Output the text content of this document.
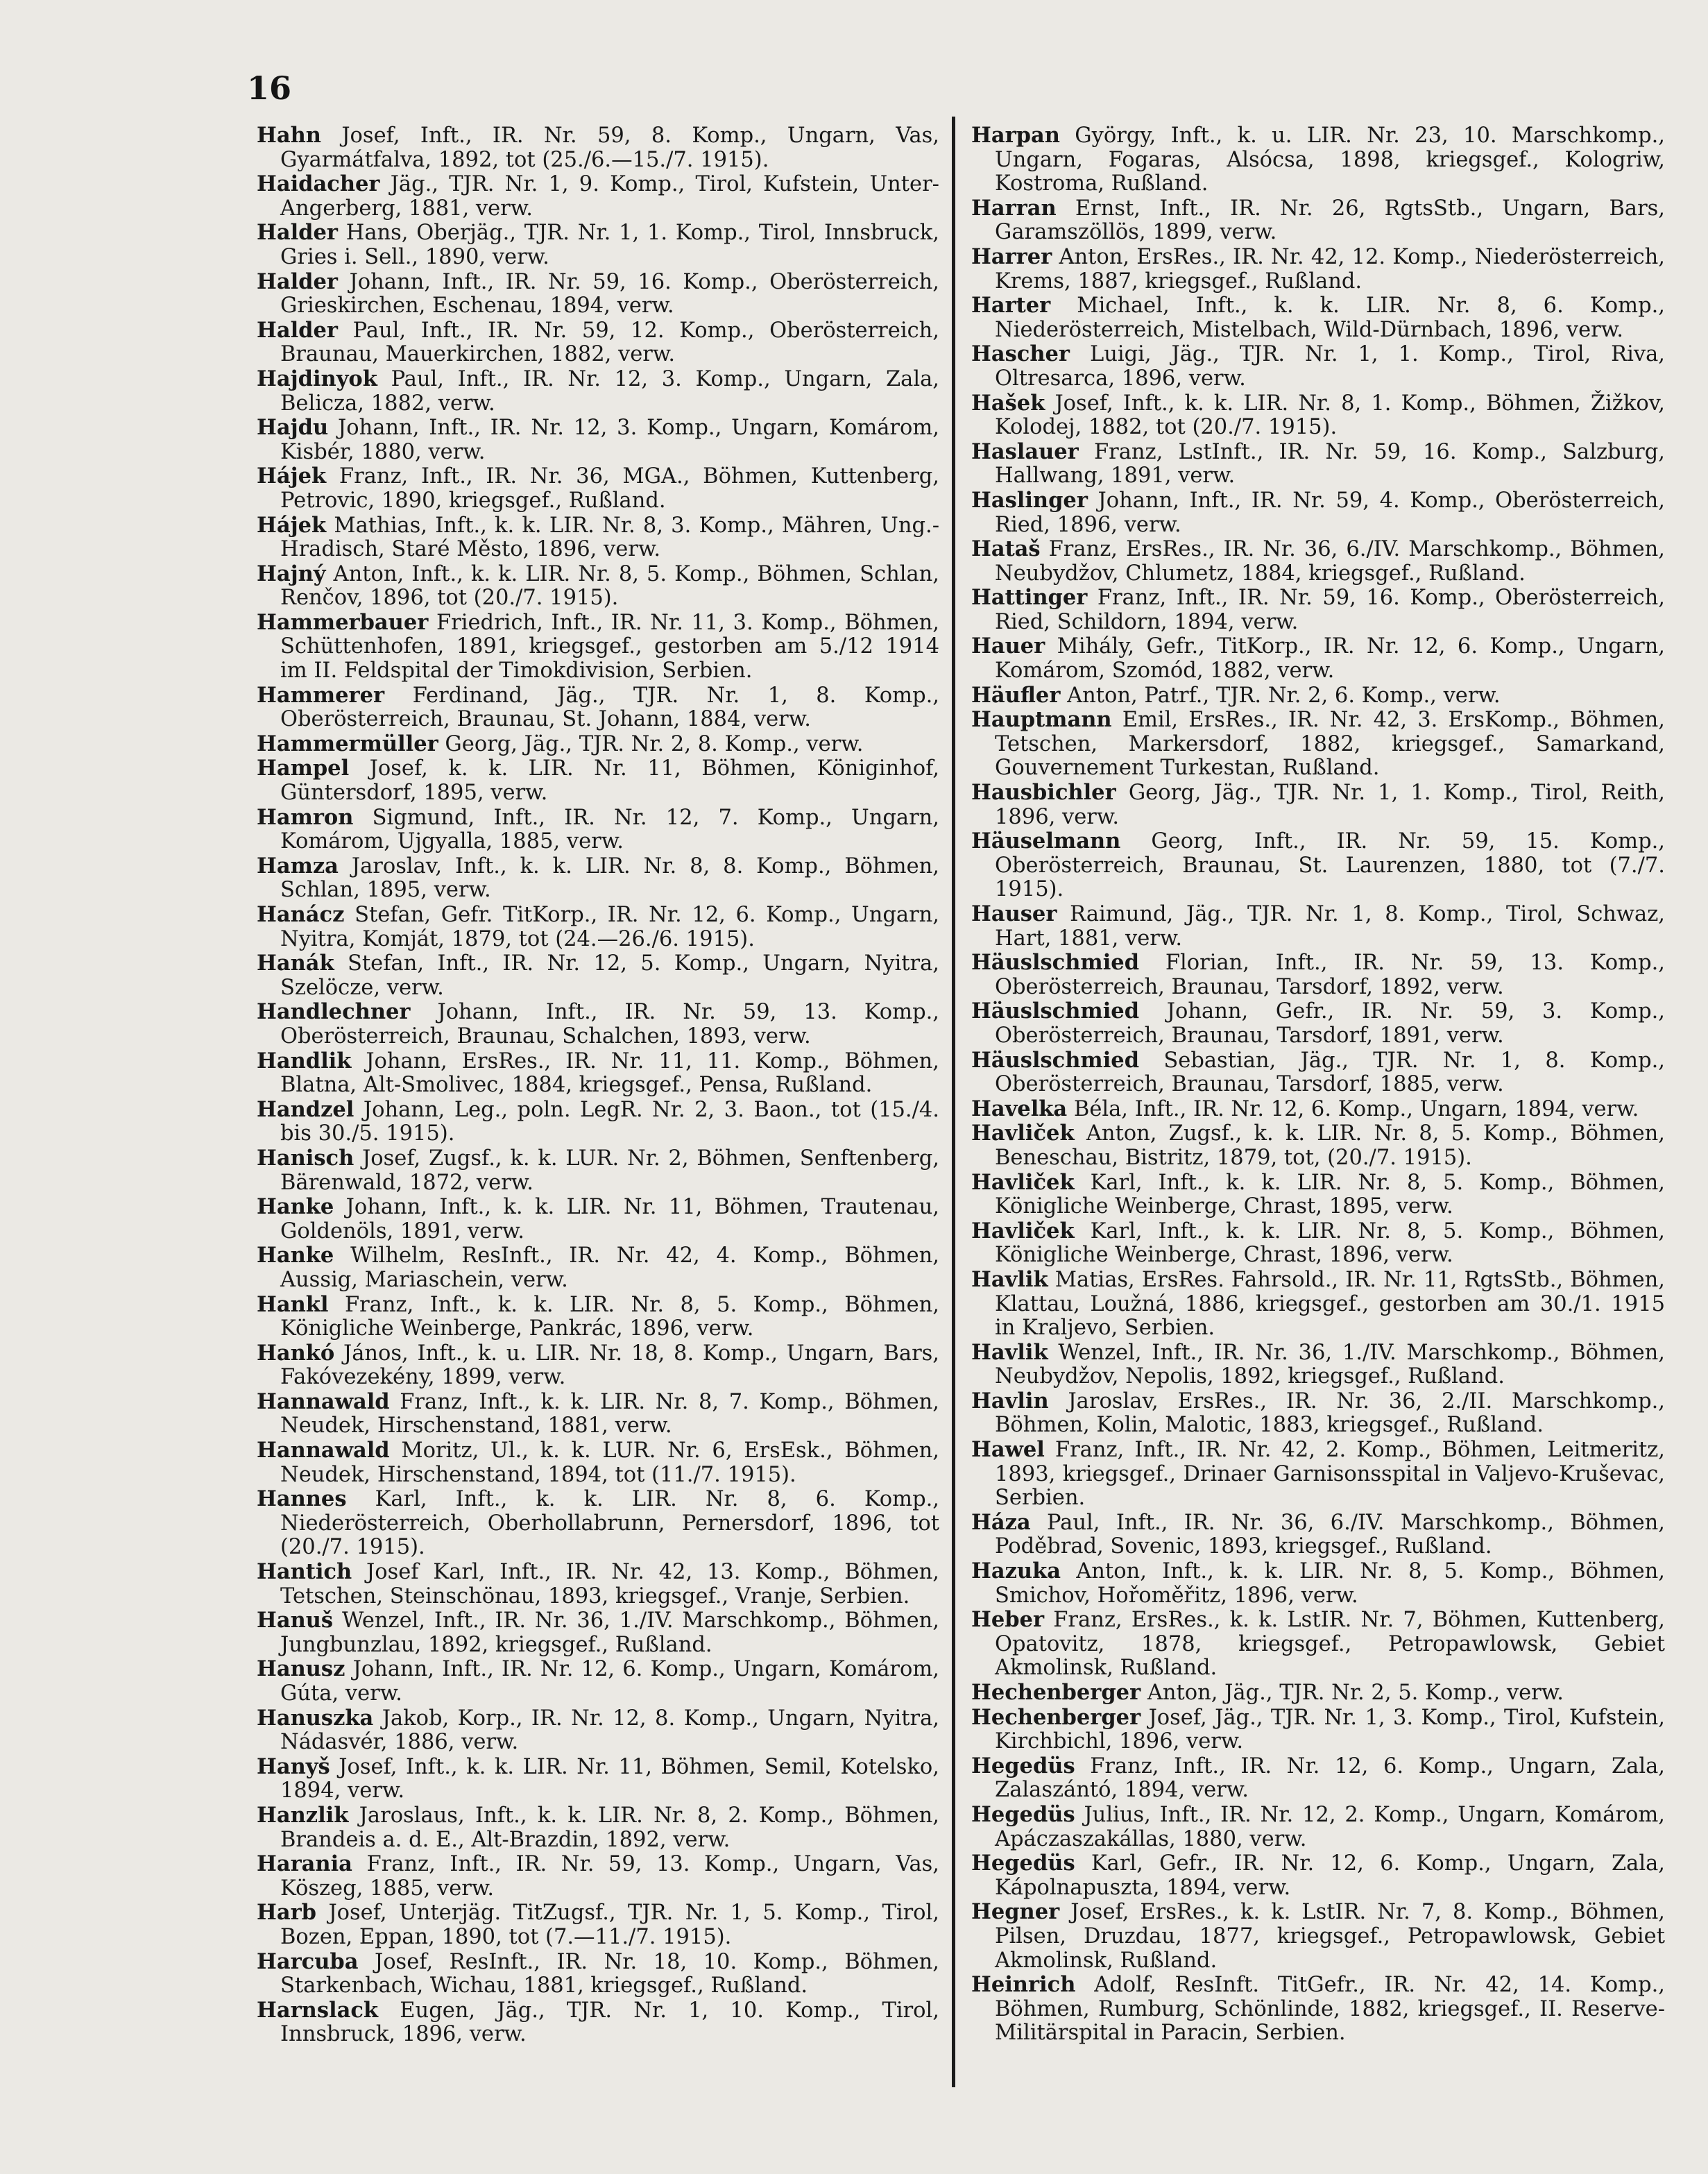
16
Hahn Josef, Inft., IR. Nr. 59, 8. Komp., Ungarn, Vas, Gyarmátfalva, 1892, tot (25./6.—15./7. 1915).
Haidacher Jäg., TJR. Nr. 1, 9. Komp., Tirol, Kufstein, Unter-Angerberg, 1881, verw.
Halder Hans, Oberjäg., TJR. Nr. 1, 1. Komp., Tirol, Innsbruck, Gries i. Sell., 1890, verw.
Halder Johann, Inft., IR. Nr. 59, 16. Komp., Oberösterreich, Grieskirchen, Eschenau, 1894, verw.
Halder Paul, Inft., IR. Nr. 59, 12. Komp., Oberösterreich, Braunau, Mauerkirchen, 1882, verw.
Hajdinyok Paul, Inft., IR. Nr. 12, 3. Komp., Ungarn, Zala, Belicza, 1882, verw.
Hajdu Johann, Inft., IR. Nr. 12, 3. Komp., Ungarn, Komárom, Kisbér, 1880, verw.
Hájek Franz, Inft., IR. Nr. 36, MGA., Böhmen, Kuttenberg, Petrovic, 1890, kriegsgef., Rußland.
Hájek Mathias, Inft., k. k. LIR. Nr. 8, 3. Komp., Mähren, Ung.-Hradisch, Staré Město, 1896, verw.
Hajný Anton, Inft., k. k. LIR. Nr. 8, 5. Komp., Böhmen, Schlan, Renčov, 1896, tot (20./7. 1915).
Hammerbauer Friedrich, Inft., IR. Nr. 11, 3. Komp., Böhmen, Schüttenhofen, 1891, kriegsgef., gestorben am 5./12 1914 im II. Feldspital der Timokdivision, Serbien.
Hammerer Ferdinand, Jäg., TJR. Nr. 1, 8. Komp., Oberösterreich, Braunau, St. Johann, 1884, verw.
Hammermüller Georg, Jäg., TJR. Nr. 2, 8. Komp., verw.
Hampel Josef, k. k. LIR. Nr. 11, Böhmen, Königinhof, Güntersdorf, 1895, verw.
Hamron Sigmund, Inft., IR. Nr. 12, 7. Komp., Ungarn, Komárom, Ujgyalla, 1885, verw.
Hamza Jaroslav, Inft., k. k. LIR. Nr. 8, 8. Komp., Böhmen, Schlan, 1895, verw.
Hanácz Stefan, Gefr. TitKorp., IR. Nr. 12, 6. Komp., Ungarn, Nyitra, Komját, 1879, tot (24.—26./6. 1915).
Hanák Stefan, Inft., IR. Nr. 12, 5. Komp., Ungarn, Nyitra, Szelöcze, verw.
Handlechner Johann, Inft., IR. Nr. 59, 13. Komp., Oberösterreich, Braunau, Schalchen, 1893, verw.
Handlik Johann, ErsRes., IR. Nr. 11, 11. Komp., Böhmen, Blatna, Alt-Smolivec, 1884, kriegsgef., Pensa, Rußland.
Handzel Johann, Leg., poln. LegR. Nr. 2, 3. Baon., tot (15./4. bis 30./5. 1915).
Hanisch Josef, Zugsf., k. k. LUR. Nr. 2, Böhmen, Senftenberg, Bärenwald, 1872, verw.
Hanke Johann, Inft., k. k. LIR. Nr. 11, Böhmen, Trautenau, Goldenöls, 1891, verw.
Hanke Wilhelm, ResInft., IR. Nr. 42, 4. Komp., Böhmen, Aussig, Mariaschein, verw.
Hankl Franz, Inft., k. k. LIR. Nr. 8, 5. Komp., Böhmen, Königliche Weinberge, Pankrác, 1896, verw.
Hankó János, Inft., k. u. LIR. Nr. 18, 8. Komp., Ungarn, Bars, Fakóvezekény, 1899, verw.
Hannawald Franz, Inft., k. k. LIR. Nr. 8, 7. Komp., Böhmen, Neudek, Hirschenstand, 1881, verw.
Hannawald Moritz, Ul., k. k. LUR. Nr. 6, ErsEsk., Böhmen, Neudek, Hirschenstand, 1894, tot (11./7. 1915).
Hannes Karl, Inft., k. k. LIR. Nr. 8, 6. Komp., Niederösterreich, Oberhollabrunn, Pernersdorf, 1896, tot (20./7. 1915).
Hantich Josef Karl, Inft., IR. Nr. 42, 13. Komp., Böhmen, Tetschen, Steinschönau, 1893, kriegsgef., Vranje, Serbien.
Hanuš Wenzel, Inft., IR. Nr. 36, 1./IV. Marschkomp., Böhmen, Jungbunzlau, 1892, kriegsgef., Rußland.
Hanusz Johann, Inft., IR. Nr. 12, 6. Komp., Ungarn, Komárom, Gúta, verw.
Hanuszka Jakob, Korp., IR. Nr. 12, 8. Komp., Ungarn, Nyitra, Nádasvér, 1886, verw.
Hanyš Josef, Inft., k. k. LIR. Nr. 11, Böhmen, Semil, Kotelsko, 1894, verw.
Hanzlik Jaroslaus, Inft., k. k. LIR. Nr. 8, 2. Komp., Böhmen, Brandeis a. d. E., Alt-Brazdin, 1892, verw.
Harania Franz, Inft., IR. Nr. 59, 13. Komp., Ungarn, Vas, Köszeg, 1885, verw.
Harb Josef, Unterjäg. TitZugsf., TJR. Nr. 1, 5. Komp., Tirol, Bozen, Eppan, 1890, tot (7.—11./7. 1915).
Harcuba Josef, ResInft., IR. Nr. 18, 10. Komp., Böhmen, Starkenbach, Wichau, 1881, kriegsgef., Rußland.
Harnslack Eugen, Jäg., TJR. Nr. 1, 10. Komp., Tirol, Innsbruck, 1896, verw.
Harpan György, Inft., k. u. LIR. Nr. 23, 10. Marschkomp., Ungarn, Fogaras, Alsócsa, 1898, kriegsgef., Kologriw, Kostroma, Rußland.
Harran Ernst, Inft., IR. Nr. 26, RgtsStb., Ungarn, Bars, Garamszöllös, 1899, verw.
Harrer Anton, ErsRes., IR. Nr. 42, 12. Komp., Niederösterreich, Krems, 1887, kriegsgef., Rußland.
Harter Michael, Inft., k. k. LIR. Nr. 8, 6. Komp., Niederösterreich, Mistelbach, Wild-Dürnbach, 1896, verw.
Hascher Luigi, Jäg., TJR. Nr. 1, 1. Komp., Tirol, Riva, Oltresarca, 1896, verw.
Hašek Josef, Inft., k. k. LIR. Nr. 8, 1. Komp., Böhmen, Žižkov, Kolodej, 1882, tot (20./7. 1915).
Haslauer Franz, LstInft., IR. Nr. 59, 16. Komp., Salzburg, Hallwang, 1891, verw.
Haslinger Johann, Inft., IR. Nr. 59, 4. Komp., Oberösterreich, Ried, 1896, verw.
Hataš Franz, ErsRes., IR. Nr. 36, 6./IV. Marschkomp., Böhmen, Neubydžov, Chlumetz, 1884, kriegsgef., Rußland.
Hattinger Franz, Inft., IR. Nr. 59, 16. Komp., Oberösterreich, Ried, Schildorn, 1894, verw.
Hauer Mihály, Gefr., TitKorp., IR. Nr. 12, 6. Komp., Ungarn, Komárom, Szomód, 1882, verw.
Häufler Anton, Patrf., TJR. Nr. 2, 6. Komp., verw.
Hauptmann Emil, ErsRes., IR. Nr. 42, 3. ErsKomp., Böhmen, Tetschen, Markersdorf, 1882, kriegsgef., Samarkand, Gouvernement Turkestan, Rußland.
Hausbichler Georg, Jäg., TJR. Nr. 1, 1. Komp., Tirol, Reith, 1896, verw.
Häuselmann Georg, Inft., IR. Nr. 59, 15. Komp., Oberösterreich, Braunau, St. Laurenzen, 1880, tot (7./7. 1915).
Hauser Raimund, Jäg., TJR. Nr. 1, 8. Komp., Tirol, Schwaz, Hart, 1881, verw.
Häuslschmied Florian, Inft., IR. Nr. 59, 13. Komp., Oberösterreich, Braunau, Tarsdorf, 1892, verw.
Häuslschmied Johann, Gefr., IR. Nr. 59, 3. Komp., Oberösterreich, Braunau, Tarsdorf, 1891, verw.
Häuslschmied Sebastian, Jäg., TJR. Nr. 1, 8. Komp., Oberösterreich, Braunau, Tarsdorf, 1885, verw.
Havelka Béla, Inft., IR. Nr. 12, 6. Komp., Ungarn, 1894, verw.
Havliček Anton, Zugsf., k. k. LIR. Nr. 8, 5. Komp., Böhmen, Beneschau, Bistritz, 1879, tot, (20./7. 1915).
Havliček Karl, Inft., k. k. LIR. Nr. 8, 5. Komp., Böhmen, Königliche Weinberge, Chrast, 1895, verw.
Havliček Karl, Inft., k. k. LIR. Nr. 8, 5. Komp., Böhmen, Königliche Weinberge, Chrast, 1896, verw.
Havlik Matias, ErsRes. Fahrsold., IR. Nr. 11, RgtsStb., Böhmen, Klattau, Loužná, 1886, kriegsgef., gestorben am 30./1. 1915 in Kraljevo, Serbien.
Havlik Wenzel, Inft., IR. Nr. 36, 1./IV. Marschkomp., Böhmen, Neubydžov, Nepolis, 1892, kriegsgef., Rußland.
Havlin Jaroslav, ErsRes., IR. Nr. 36, 2./II. Marschkomp., Böhmen, Kolin, Malotic, 1883, kriegsgef., Rußland.
Hawel Franz, Inft., IR. Nr. 42, 2. Komp., Böhmen, Leitmeritz, 1893, kriegsgef., Drinaer Garnisonsspital in Valjevo-Kruševac, Serbien.
Háza Paul, Inft., IR. Nr. 36, 6./IV. Marschkomp., Böhmen, Poděbrad, Sovenic, 1893, kriegsgef., Rußland.
Hazuka Anton, Inft., k. k. LIR. Nr. 8, 5. Komp., Böhmen, Smichov, Hořoměřitz, 1896, verw.
Heber Franz, ErsRes., k. k. LstIR. Nr. 7, Böhmen, Kuttenberg, Opatovitz, 1878, kriegsgef., Petropawlowsk, Gebiet Akmolinsk, Rußland.
Hechenberger Anton, Jäg., TJR. Nr. 2, 5. Komp., verw.
Hechenberger Josef, Jäg., TJR. Nr. 1, 3. Komp., Tirol, Kufstein, Kirchbichl, 1896, verw.
Hegedüs Franz, Inft., IR. Nr. 12, 6. Komp., Ungarn, Zala, Zalaszántó, 1894, verw.
Hegedüs Julius, Inft., IR. Nr. 12, 2. Komp., Ungarn, Komárom, Apáczaszakállas, 1880, verw.
Hegedüs Karl, Gefr., IR. Nr. 12, 6. Komp., Ungarn, Zala, Kápolnapuszta, 1894, verw.
Hegner Josef, ErsRes., k. k. LstIR. Nr. 7, 8. Komp., Böhmen, Pilsen, Druzdau, 1877, kriegsgef., Petropawlowsk, Gebiet Akmolinsk, Rußland.
Heinrich Adolf, ResInft. TitGefr., IR. Nr. 42, 14. Komp., Böhmen, Rumburg, Schönlinde, 1882, kriegsgef., II. Reserve-Militärspital in Paracin, Serbien.
